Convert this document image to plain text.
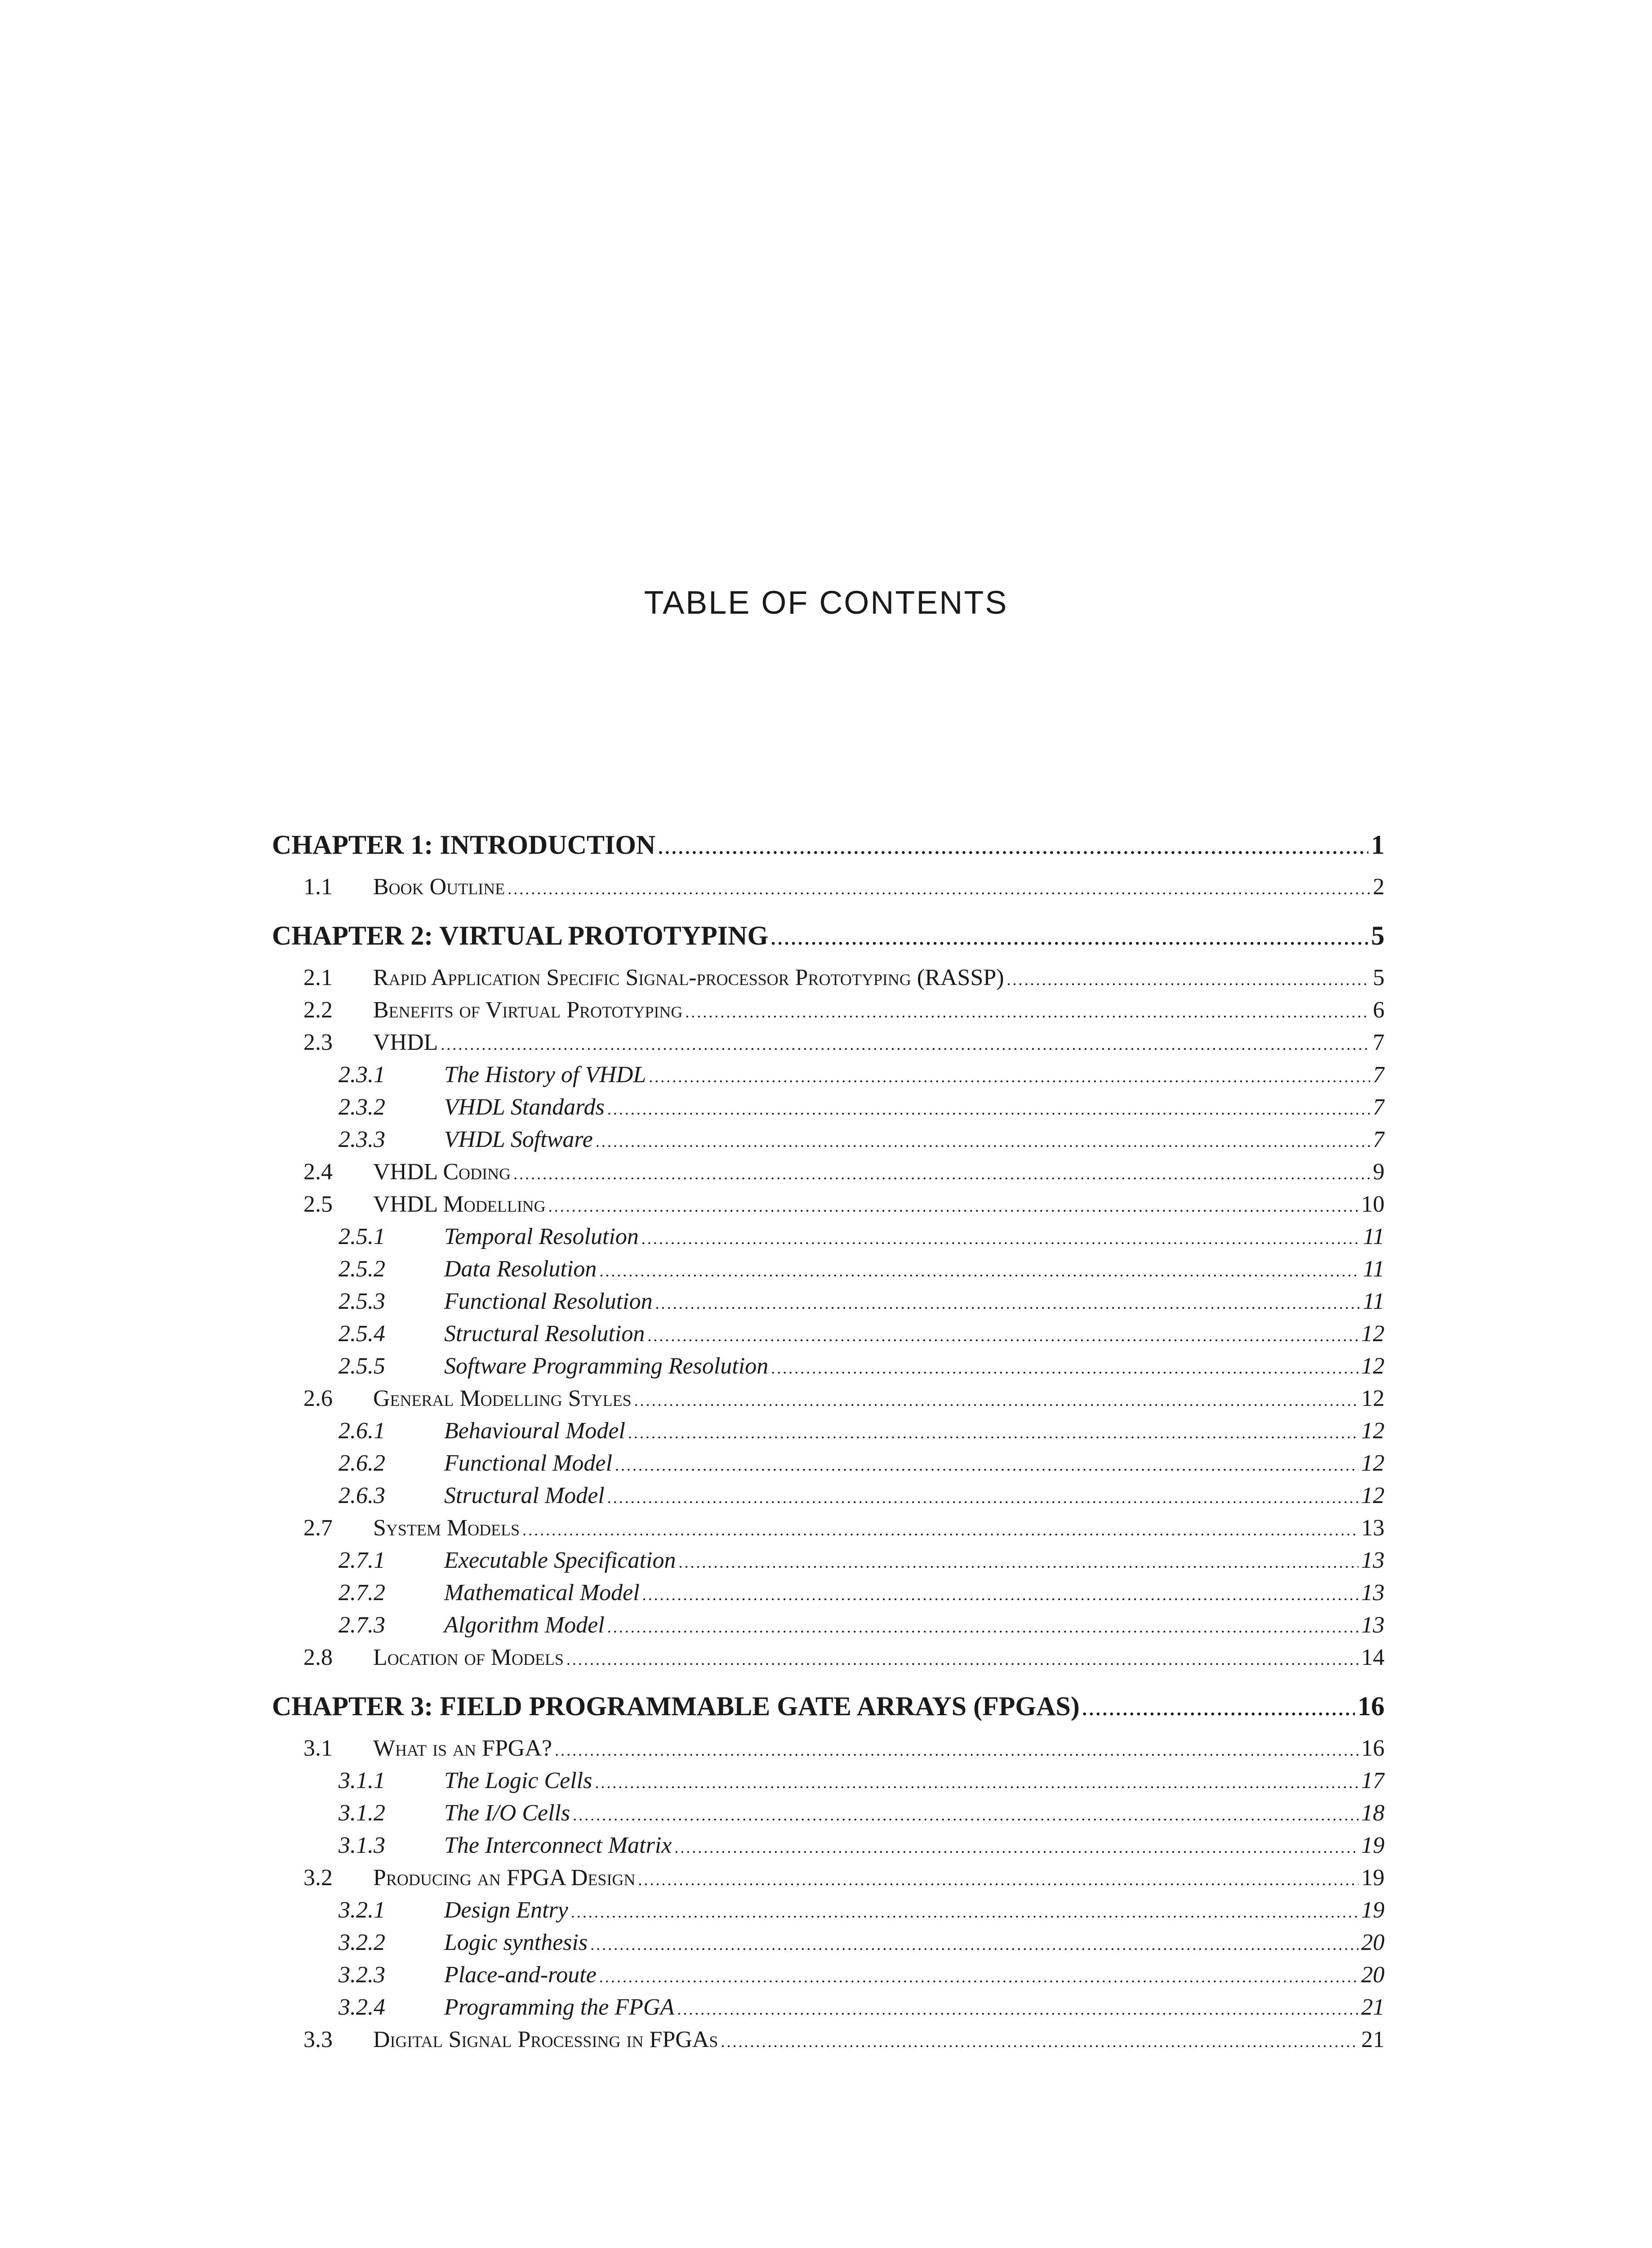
TABLE OF CONTENTS
CHAPTER 1: INTRODUCTION .....	1
1.1	Book Outline .....	2
CHAPTER 2: VIRTUAL PROTOTYPING .....	5
2.1	Rapid Application Specific Signal-processor Prototyping (RASSP) .....	5
2.2	Benefits of Virtual Prototyping .....	6
2.3	VHDL .....	7
2.3.1	The History of VHDL .....	7
2.3.2	VHDL Standards .....	7
2.3.3	VHDL Software .....	7
2.4	VHDL Coding .....	9
2.5	VHDL Modelling .....	10
2.5.1	Temporal Resolution .....	11
2.5.2	Data Resolution .....	11
2.5.3	Functional Resolution .....	11
2.5.4	Structural Resolution .....	12
2.5.5	Software Programming Resolution .....	12
2.6	General Modelling Styles .....	12
2.6.1	Behavioural Model .....	12
2.6.2	Functional Model .....	12
2.6.3	Structural Model .....	12
2.7	System Models .....	13
2.7.1	Executable Specification .....	13
2.7.2	Mathematical Model .....	13
2.7.3	Algorithm Model .....	13
2.8	Location of Models .....	14
CHAPTER 3: FIELD PROGRAMMABLE GATE ARRAYS (FPGAS) .....	16
3.1	What is an FPGA? .....	16
3.1.1	The Logic Cells .....	17
3.1.2	The I/O Cells .....	18
3.1.3	The Interconnect Matrix .....	19
3.2	Producing an FPGA Design .....	19
3.2.1	Design Entry .....	19
3.2.2	Logic synthesis .....	20
3.2.3	Place-and-route .....	20
3.2.4	Programming the FPGA .....	21
3.3	Digital Signal Processing in FPGAs .....	21
